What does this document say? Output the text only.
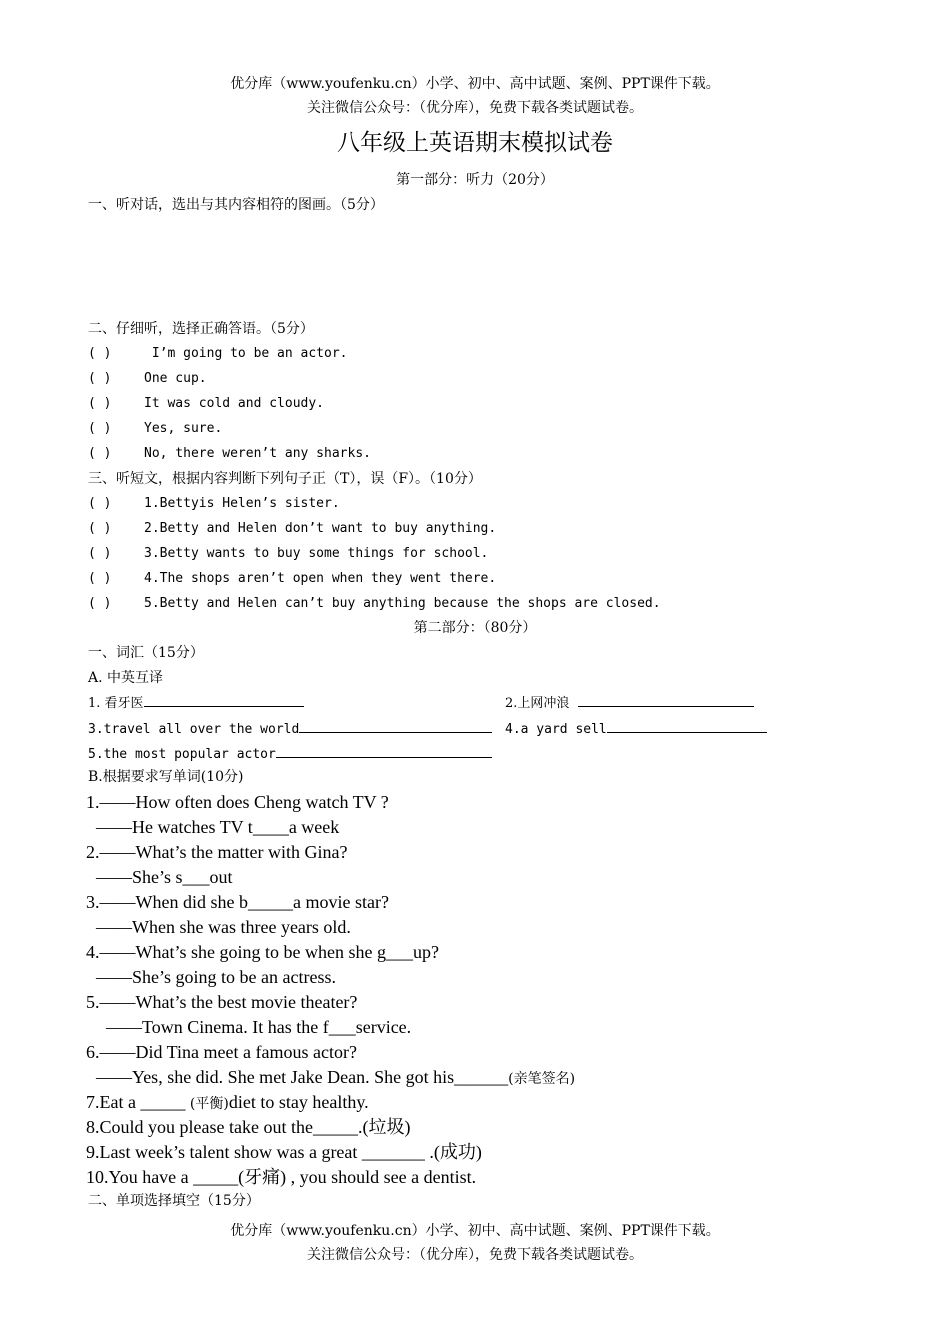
优分库（www.youfenku.cn）小学、初中、高中试题、案例、PPT课件下载。
关注微信公众号：（优分库），免费下载各类试题试卷。
八年级上英语期末模拟试卷
第一部分：听力（20分）
一、听对话，选出与其内容相符的图画。（5分）
二、仔细听，选择正确答语。（5分）
( )	I’m going to be an actor.
( )	One cup.
( )	It was cold and cloudy.
( )	Yes, sure.
( )	No, there weren’t any sharks.
三、听短文，根据内容判断下列句子正（T），误（F）。（10分）
( )	1.Bettyis Helen’s sister.
( )	2.Betty and Helen don’t want to buy anything.
( )	3.Betty wants to buy some things for school.
( )	4.The shops aren’t open when they went there.
( )	5.Betty and Helen can’t buy anything because the shops are closed.
第二部分：（80分）
一、词汇（15分）
A. 中英互译
1. 看牙医	2.上网冲浪
3.travel all over the world	4.a yard sell
5.the most popular actor
B.根据要求写单词(10分)
1.——How often does Cheng watch TV ?
——He watches TV t____a week
2.——What’s the matter with Gina?
——She’s s___out
3.——When did she b_____a movie star?
——When she was three years old.
4.——What’s she going to be when she g___up?
——She’s going to be an actress.
5.——What’s the best movie theater?
——Town Cinema. It has the f___service.
6.——Did Tina meet a famous actor?
——Yes, she did. She met Jake Dean. She got his______(亲笔签名)
7.Eat a _____ (平衡)diet to stay healthy.
8.Could you please take out the_____.(垃圾)
9.Last week’s talent show was a great _______ .(成功)
10.You have a _____(牙痛) , you should see a dentist.
二、单项选择填空（15分）
优分库（www.youfenku.cn）小学、初中、高中试题、案例、PPT课件下载。
关注微信公众号：（优分库），免费下载各类试题试卷。
